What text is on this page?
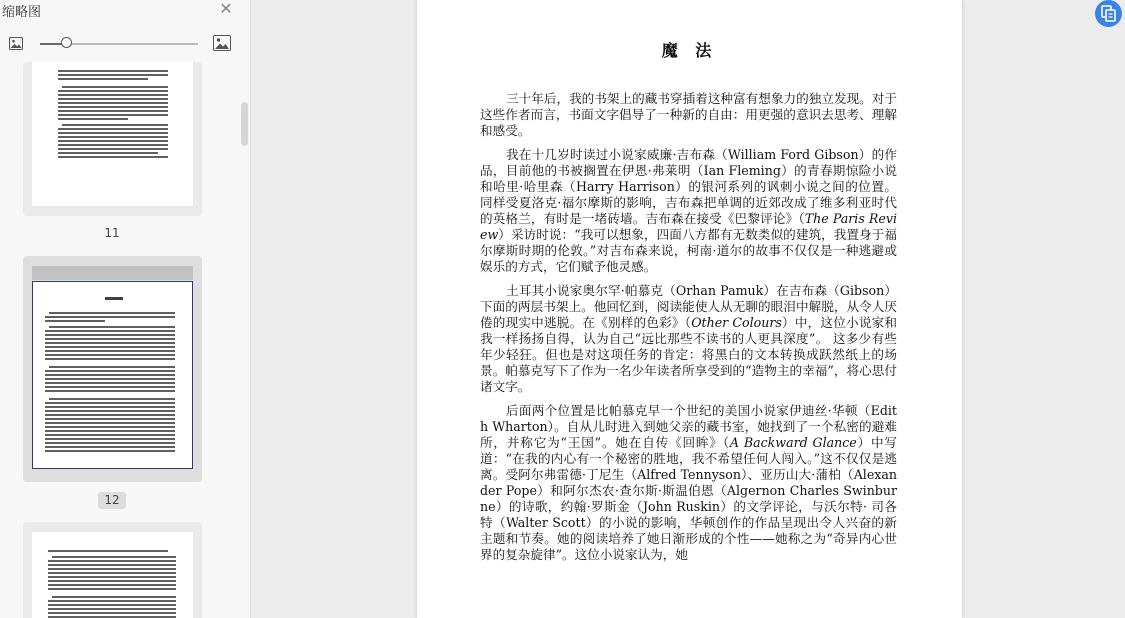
缩略图	✕
11
12
魔 法

三十年后，我的书架上的藏书穿插着这种富有想象力的独立发现。对于这些作者而言，书面文字倡导了一种新的自由：用更强的意识去思考、理解和感受。

我在十几岁时读过小说家威廉·吉布森（William Ford Gibson）的作品，目前他的书被搁置在伊恩·弗莱明（Ian Fleming）的青春期惊险小说和哈里·哈里森（Harry Harrison）的银河系列的讽刺小说之间的位置。同样受夏洛克·福尔摩斯的影响，吉布森把单调的近郊改成了维多利亚时代的英格兰，有时是一堵砖墙。吉布森在接受《巴黎评论》（The Paris Review）采访时说：“我可以想象，四面八方都有无数类似的建筑，我置身于福尔摩斯时期的伦敦。”对吉布森来说，柯南·道尔的故事不仅仅是一种逃避或娱乐的方式，它们赋予他灵感。

土耳其小说家奥尔罕·帕慕克（Orhan Pamuk）在吉布森（Gibson）下面的两层书架上。他回忆到，阅读能使人从无聊的眼泪中解脱，从令人厌倦的现实中逃脱。在《别样的色彩》（Other Colours）中，这位小说家和我一样扬扬自得，认为自己“远比那些不读书的人更具深度”。 这多少有些年少轻狂。但也是对这项任务的肯定：将黑白的文本转换成跃然纸上的场景。帕慕克写下了作为一名少年读者所享受到的“造物主的幸福”，将心思付诸文字。

后面两个位置是比帕慕克早一个世纪的美国小说家伊迪丝·华顿（Edith Wharton）。自从儿时进入到她父亲的藏书室，她找到了一个私密的避难所，并称它为“王国”。她在自传《回眸》（A Backward Glance）中写道：“在我的内心有一个秘密的胜地，我不希望任何人闯入。”这不仅仅是逃离。受阿尔弗雷德·丁尼生（Alfred Tennyson）、亚历山大·蒲柏（Alexander Pope）和阿尔杰农·查尔斯·斯温伯恩（Algernon Charles Swinburne）的诗歌，约翰·罗斯金（John Ruskin）的文学评论，与沃尔特· 司各特（Walter Scott）的小说的影响，华顿创作的作品呈现出令人兴奋的新主题和节奏。她的阅读培养了她日渐形成的个性——她称之为“奇异内心世界的复杂旋律”。这位小说家认为，她
